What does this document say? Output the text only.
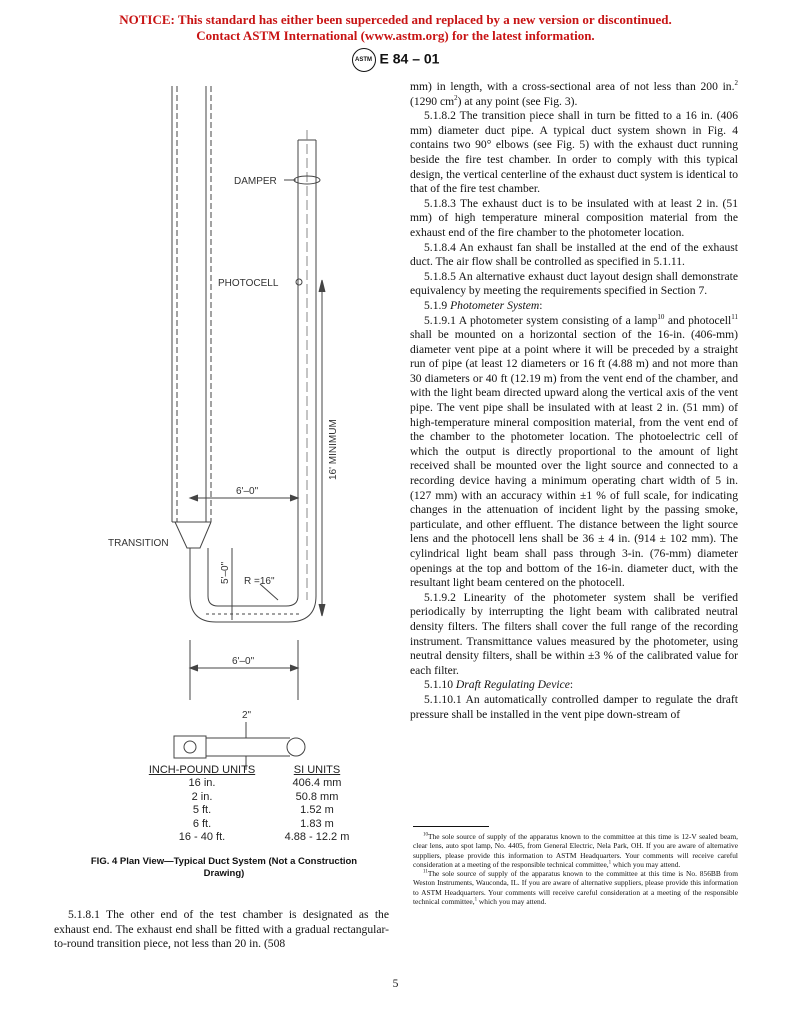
NOTICE: This standard has either been superceded and replaced by a new version or discontinued.
Contact ASTM International (www.astm.org) for the latest information.
ASTM E 84 – 01
DAMPER
PHOTOCELL
TRANSITION
16' MINIMUM
6'–0"
5'–0" R =16"
6'–0"
2"
INCH-POUND UNITS
16 in.
2 in.
5 ft.
6 ft.
16 - 40 ft.
SI UNITS
406.4 mm
50.8 mm
1.52 m
1.83 m
4.88 - 12.2 m
FIG. 4 Plan View—Typical Duct System (Not a Construction
Drawing)

5.1.8.1 The other end of the test chamber is designated as the exhaust end. The exhaust end shall be fitted with a gradual rectangular-to-round transition piece, not less than 20 in. (508

mm) in length, with a cross-sectional area of not less than 200 in.$^2$ (1290 $cm^2$) at any point (see Fig. 3).

5.1.8.2 The transition piece shall in turn be fitted to a 16 in. (406 mm) diameter duct pipe. A typical duct system shown in Fig. 4 contains two 90° elbows (see Fig. 5) with the exhaust duct running beside the fire test chamber. In order to comply with this typical design, the vertical centerline of the exhaust duct system is identical to that of the fire test chamber.

5.1.8.3 The exhaust duct is to be insulated with at least 2 in. (51 mm) of high temperature mineral composition material from the exhaust end of the fire chamber to the photometer location.

5.1.8.4 An exhaust fan shall be installed at the end of the exhaust duct. The air flow shall be controlled as specified in 5.1.11.

5.1.8.5 An alternative exhaust duct layout design shall demonstrate equivalency by meeting the requirements specified in Section 7.

5.1.9 Photometer System:

5.1.9.1 A photometer system consisting of a lamp$^{10}$ and photocell$^{11}$ shall be mounted on a horizontal section of the 16-in. (406-mm) diameter vent pipe at a point where it will be preceded by a straight run of pipe (at least 12 diameters or 16 ft (4.88 m) and not more than 30 diameters or 40 ft (12.19 m) from the vent end of the chamber, and with the light beam directed upward along the vertical axis of the vent pipe. The vent pipe shall be insulated with at least 2 in. (51 mm) of high-temperature mineral composition material, from the vent end of the chamber to the photometer location. The photoelectric cell of which the output is directly proportional to the amount of light received shall be mounted over the light source and connected to a recording device having a minimum operating chart width of 5 in. (127 mm) with an accuracy within ±1 % of full scale, for indicating changes in the attenuation of incident light by the passing smoke, particulate, and other effluent. The distance between the light source lens and the photocell lens shall be 36 ± 4 in. (914 ± 102 mm). The cylindrical light beam shall pass through 3-in. (76-mm) diameter openings at the top and bottom of the 16-in. diameter duct, with the resultant light beam centered on the photocell.

5.1.9.2 Linearity of the photometer system shall be verified periodically by interrupting the light beam with calibrated neutral density filters. The filters shall cover the full range of the recording instrument. Transmittance values measured by the photometer, using neutral density filters, shall be within ±3 % of the calibrated value for each filter.

5.1.10 Draft Regulating Device:

5.1.10.1 An automatically controlled damper to regulate the draft pressure shall be installed in the vent pipe down-stream of

$^{10}$The sole source of supply of the apparatus known to the committee at this time is 12-V sealed beam, clear lens, auto spot lamp, No. 4405, from General Electric, Nela Park, OH. If you are aware of alternative suppliers, please provide this information to ASTM Headquarters. Your comments will receive careful consideration at a meeting of the responsible technical committee,$^1$ which you may attend.

$^{11}$The sole source of supply of the apparatus known to the committee at this time is No. 856BB from Weston Instruments, Wauconda, IL. If you are aware of alternative suppliers, please provide this information to ASTM Headquarters. Your comments will receive careful consideration at a meeting of the responsible technical committee,$^1$ which you may attend.

5
